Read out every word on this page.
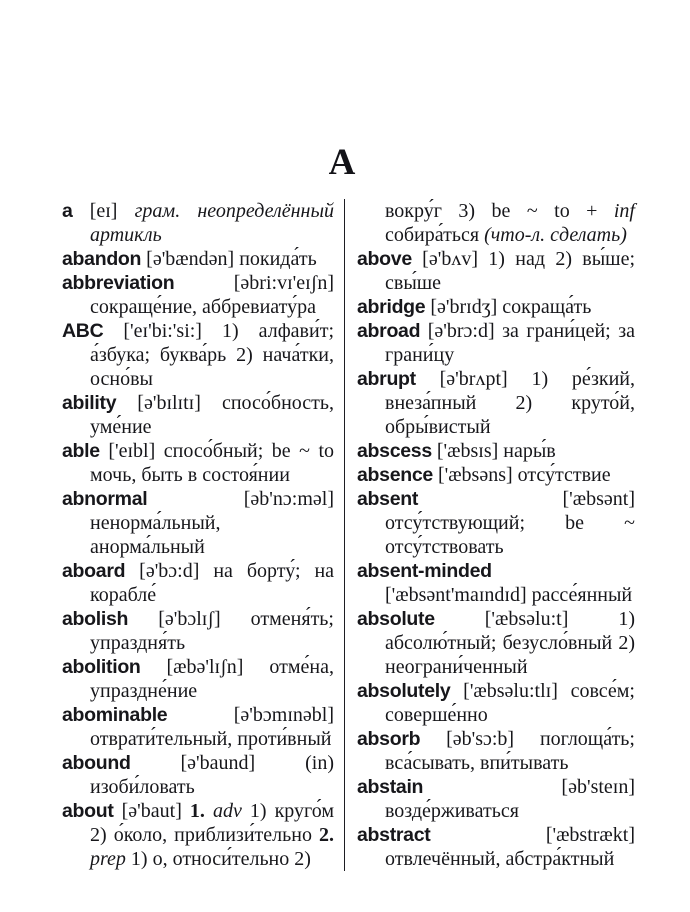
A

a [eɪ] грам. неопределённый артикль

abandon [ə'bændən] покида́ть

abbreviation	[əbri:vɪ'eɪʃn] сокраще́ние, аббревиату́ра

ABC ['eɪ'bi:'si:] 1) алфави́т; а́збука; буква́рь 2) нача́тки, осно́вы

ability [ə'bɪlɪtɪ] спосо́бность, уме́ние

able ['eɪbl] спосо́бный; be ~ to мочь, быть в состоя́нии

abnormal	[əb'nɔ:məl] ненорма́льный, анорма́льный

aboard [ə'bɔ:d] на борту́; на корабле́

abolish [ə'bɔlɪʃ] отменя́ть; упраздня́ть

abolition [æbə'lɪʃn] отме́на, упраздне́ние

abominable	[ə'bɔmɪnəbl] отврати́тельный, проти́вный

abound [ə'baund] (in) изоби́ловать

about [ə'baut] 1. adv 1) круго́м 2) о́коло, приблизи́тельно 2. prep 1) о, относи́тельно 2)

вокру́г 3) be ~ to + inf собира́ться (что-л. сделать)

above [ə'bʌv] 1) над 2) вы́ше; свы́ше

abridge [ə'brɪdʒ] сокраща́ть

abroad [ə'brɔ:d] за грани́цей; за грани́цу

abrupt [ə'brʌpt] 1) ре́зкий, внеза́пный 2) круто́й, обры́вистый

abscess ['æbsɪs] нары́в

absence ['æbsəns] отсу́тствие

absent	['æbsənt] отсу́тствующий; be ~ отсу́тствовать

absent-minded ['æbsənt'maɪndɪd] рассе́янный

absolute ['æbsəlu:t] 1) абсолю́тный; безусло́вный 2) неограни́ченный

absolutely ['æbsəlu:tlɪ] совсе́м; соверше́нно

absorb [əb'sɔ:b] поглоща́ть; вса́сывать, впи́тывать

abstain	[əb'steɪn] возде́рживаться

abstract	['æbstrækt] отвлечённый, абстра́ктный
